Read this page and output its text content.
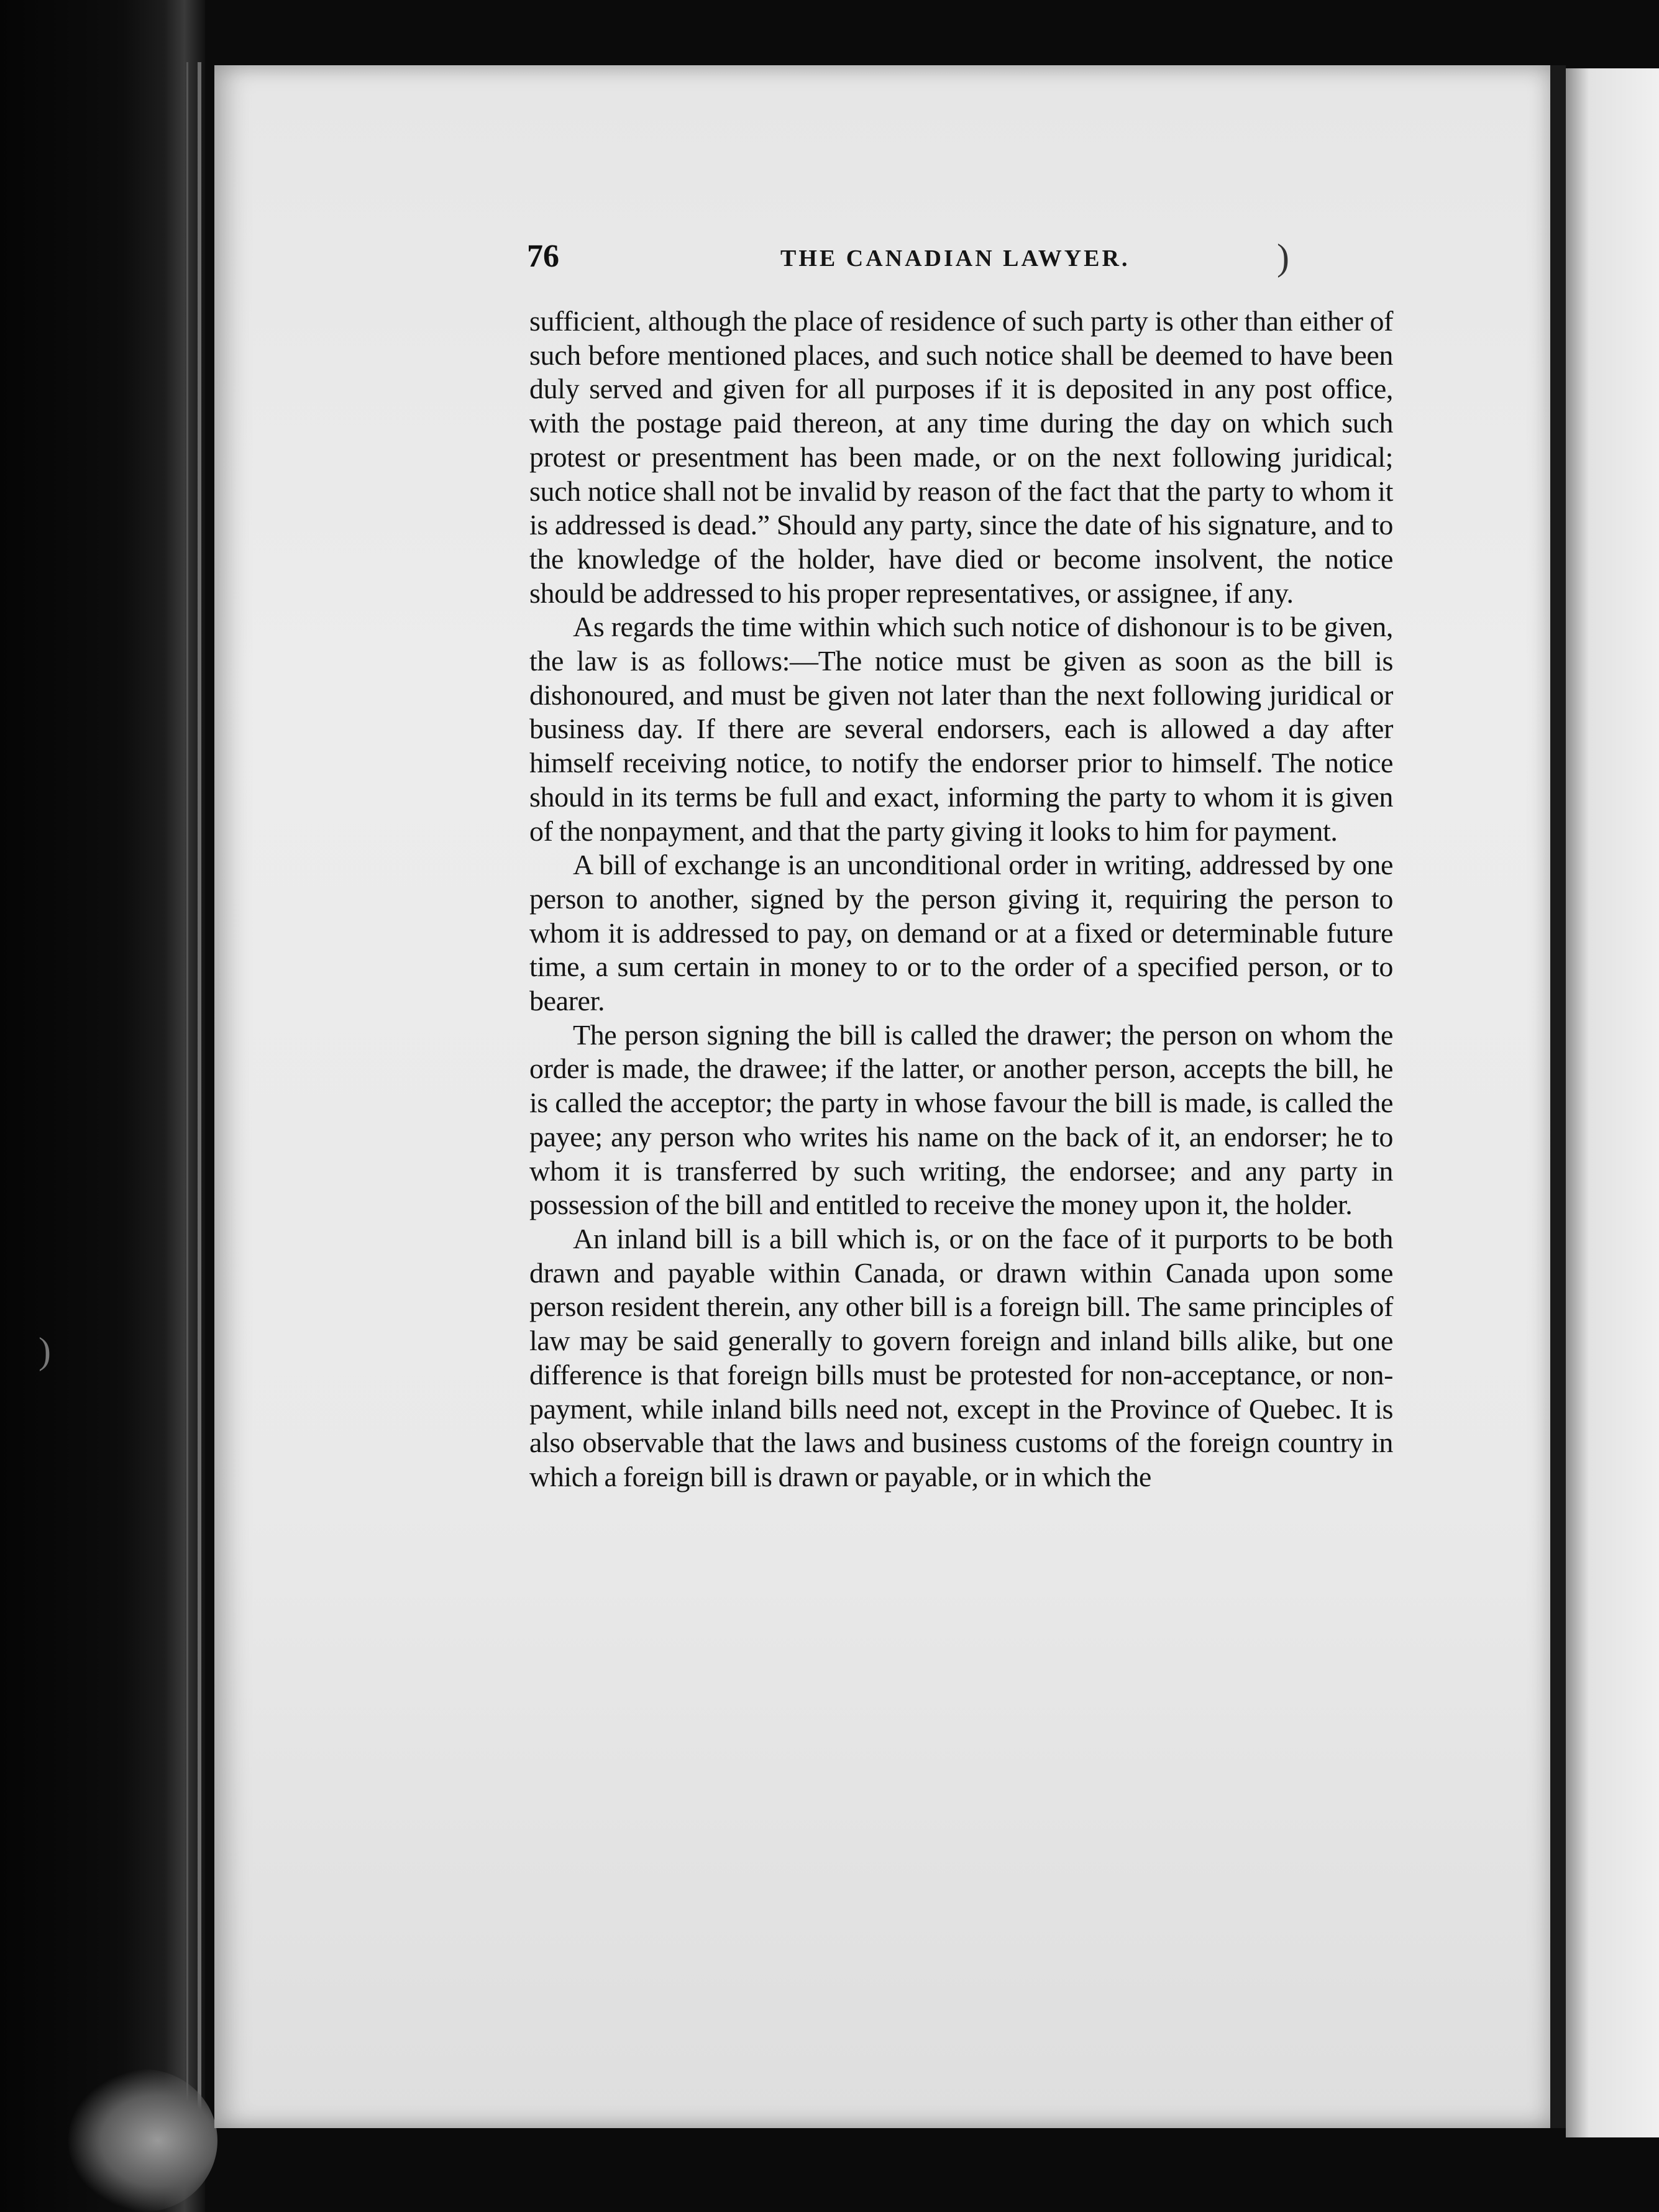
)
)
76	THE CANADIAN LAWYER.

sufficient, although the place of residence of such party is other than either of such before mentioned places, and such notice shall be deemed to have been duly served and given for all purposes if it is deposited in any post office, with the postage paid thereon, at any time during the day on which such protest or presentment has been made, or on the next following juridical; such notice shall not be invalid by reason of the fact that the party to whom it is addressed is dead.” Should any party, since the date of his signature, and to the knowledge of the holder, have died or become insolvent, the notice should be addressed to his proper representatives, or assignee, if any.

As regards the time within which such notice of dishonour is to be given, the law is as follows:—The notice must be given as soon as the bill is dishonoured, and must be given not later than the next following juridical or business day. If there are several endorsers, each is allowed a day after himself receiving notice, to notify the endorser prior to himself. The notice should in its terms be full and exact, informing the party to whom it is given of the nonpayment, and that the party giving it looks to him for payment.

A bill of exchange is an unconditional order in writing, addressed by one person to another, signed by the person giving it, requiring the person to whom it is addressed to pay, on demand or at a fixed or determinable future time, a sum certain in money to or to the order of a specified person, or to bearer.

The person signing the bill is called the drawer; the person on whom the order is made, the drawee; if the latter, or another person, accepts the bill, he is called the acceptor; the party in whose favour the bill is made, is called the payee; any person who writes his name on the back of it, an endorser; he to whom it is transferred by such writing, the endorsee; and any party in possession of the bill and entitled to receive the money upon it, the holder.

An inland bill is a bill which is, or on the face of it purports to be both drawn and payable within Canada, or drawn within Canada upon some person resident therein, any other bill is a foreign bill. The same principles of law may be said generally to govern foreign and inland bills alike, but one difference is that foreign bills must be protested for non-acceptance, or non-payment, while inland bills need not, except in the Province of Quebec. It is also observable that the laws and business customs of the foreign country in which a foreign bill is drawn or payable, or in which the
